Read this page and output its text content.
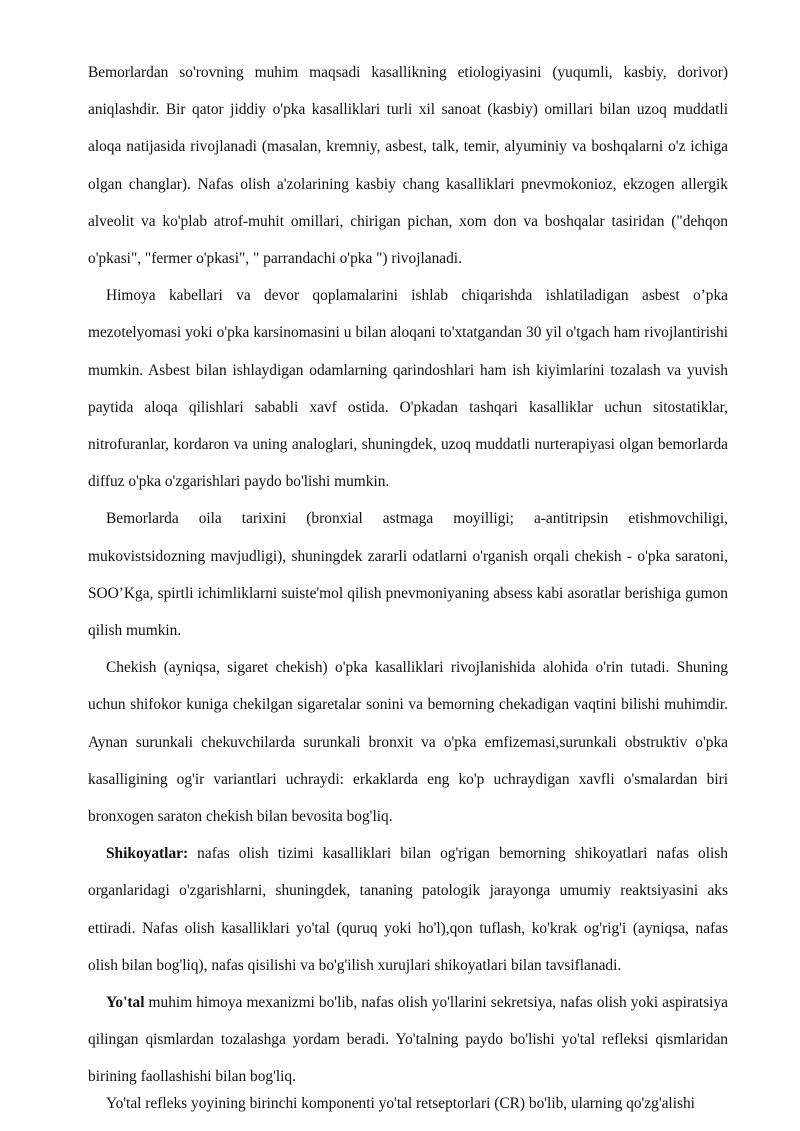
Bemorlardan so'rovning muhim maqsadi kasallikning etiologiyasini (yuqumli, kasbiy, dorivor) aniqlashdir. Bir qator jiddiy o'pka kasalliklari turli xil sanoat (kasbiy) omillari bilan uzoq muddatli aloqa natijasida rivojlanadi (masalan, kremniy, asbest, talk, temir, alyuminiy va boshqalarni o'z ichiga olgan changlar). Nafas olish a'zolarining kasbiy chang kasalliklari pnevmokonioz, ekzogen allergik alveolit va ko'plab atrof-muhit omillari, chirigan pichan, xom don va boshqalar tasiridan ("dehqon o'pkasi", "fermer o'pkasi", " parrandachi o'pka ") rivojlanadi.

Himoya kabellari va devor qoplamalarini ishlab chiqarishda ishlatiladigan asbest o’pka mezotelyomasi yoki o'pka karsinomasini u bilan aloqani to'xtatgandan 30 yil o'tgach ham rivojlantirishi mumkin. Asbest bilan ishlaydigan odamlarning qarindoshlari ham ish kiyimlarini tozalash va yuvish paytida aloqa qilishlari sababli xavf ostida. O'pkadan tashqari kasalliklar uchun sitostatiklar, nitrofuranlar, kordaron va uning analoglari, shuningdek, uzoq muddatli nurterapiyasi olgan bemorlarda diffuz o'pka o'zgarishlari paydo bo'lishi mumkin.

Bemorlarda oila tarixini (bronxial astmaga moyilligi; a-antitripsin etishmovchiligi, mukovistsidozning mavjudligi), shuningdek zararli odatlarni o'rganish orqali chekish - o'pka saratoni, SOO’Kga, spirtli ichimliklarni suiste'mol qilish pnevmoniyaning absess kabi asoratlar berishiga gumon qilish mumkin.

Chekish (ayniqsa, sigaret chekish) o'pka kasalliklari rivojlanishida alohida o'rin tutadi. Shuning uchun shifokor kuniga chekilgan sigaretalar sonini va bemorning chekadigan vaqtini bilishi muhimdir. Aynan surunkali chekuvchilarda surunkali bronxit va o'pka emfizemasi,surunkali obstruktiv o'pka kasalligining og'ir variantlari uchraydi: erkaklarda eng ko'p uchraydigan xavfli o'smalardan biri bronxogen saraton chekish bilan bevosita bog'liq.

Shikoyatlar: nafas olish tizimi kasalliklari bilan og'rigan bemorning shikoyatlari nafas olish organlaridagi o'zgarishlarni, shuningdek, tananing patologik jarayonga umumiy reaktsiyasini aks ettiradi. Nafas olish kasalliklari yo'tal (quruq yoki ho'l),qon tuflash, ko'krak og'rig'i (ayniqsa, nafas olish bilan bog'liq), nafas qisilishi va bo'g'ilish xurujlari shikoyatlari bilan tavsiflanadi.

Yo'tal muhim himoya mexanizmi bo'lib, nafas olish yo'llarini sekretsiya, nafas olish yoki aspiratsiya qilingan qismlardan tozalashga yordam beradi. Yo'talning paydo bo'lishi yo'tal refleksi qismlaridan birining faollashishi bilan bog'liq.

Yo'tal refleks yoyining birinchi komponenti yo'tal retseptorlari (CR) bo'lib, ularning qo'zg'alishi
